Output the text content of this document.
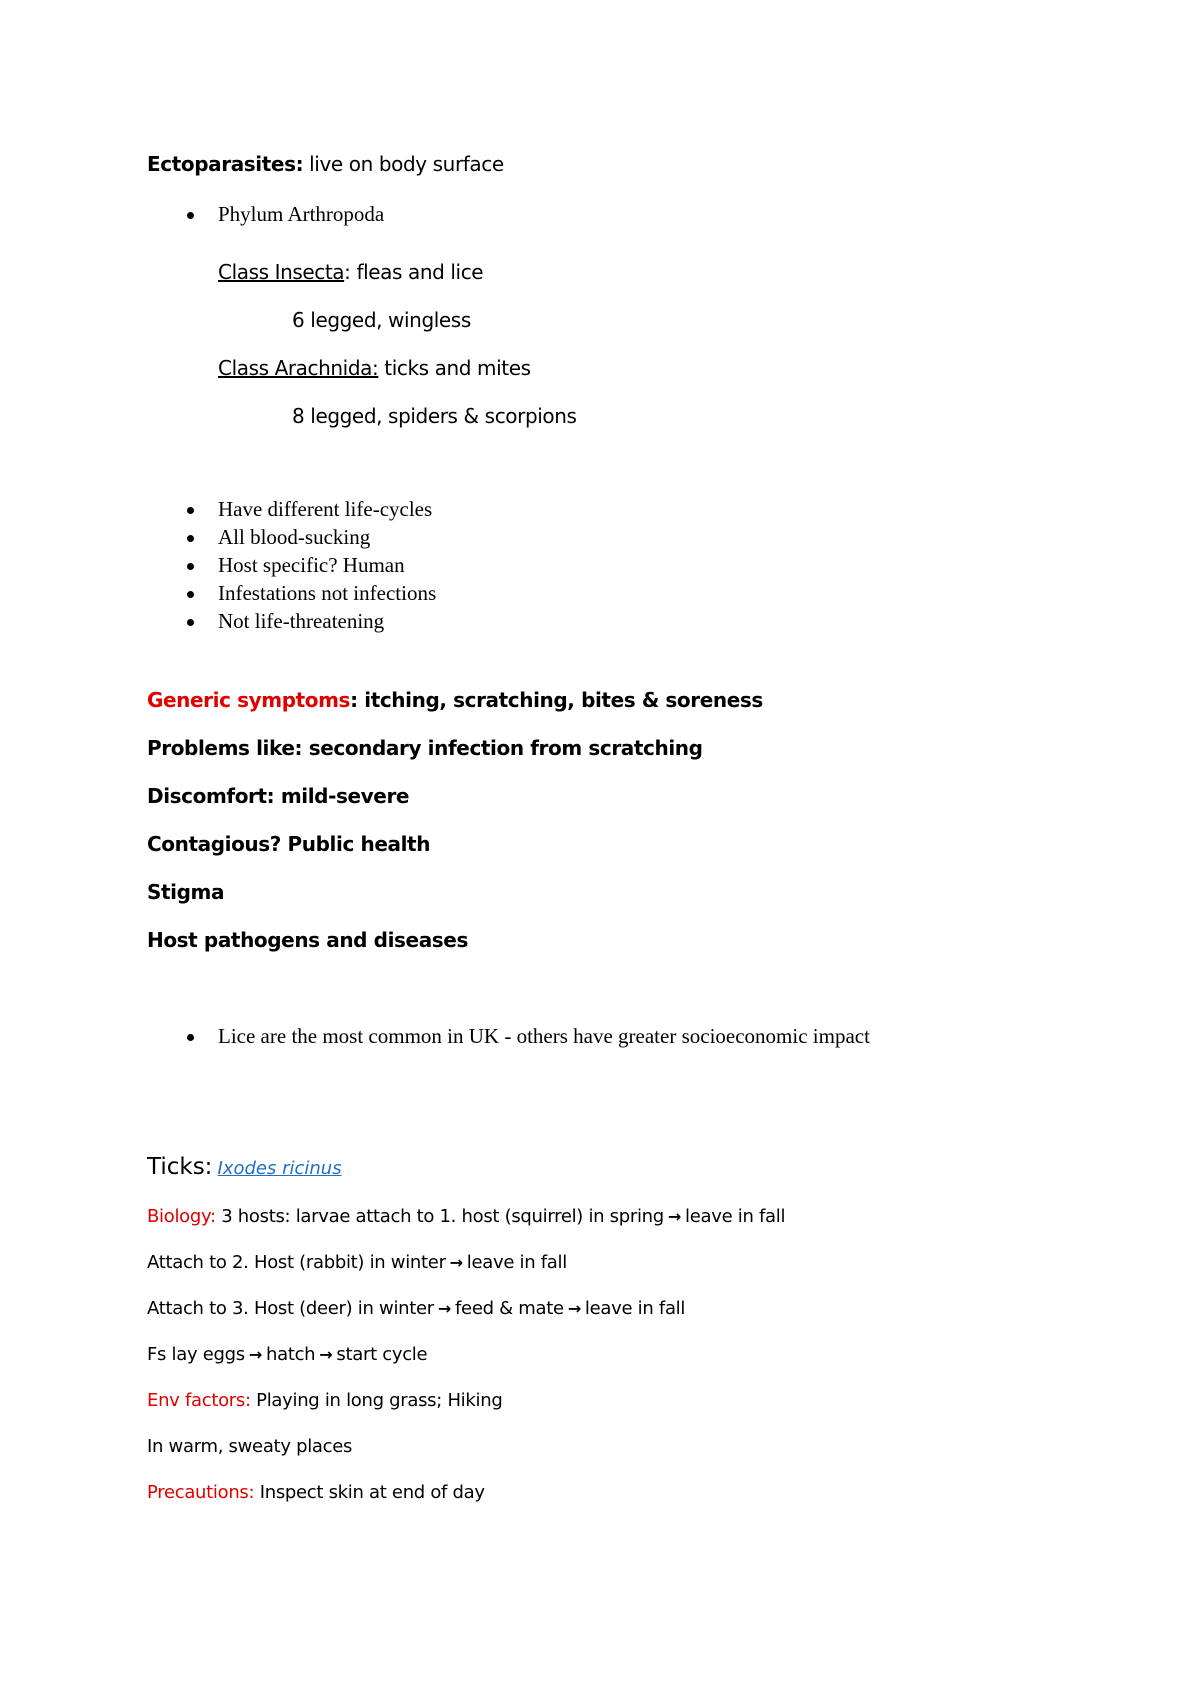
Ectoparasites: live on body surface
Phylum Arthropoda
Class Insecta: fleas and lice
6 legged, wingless
Class Arachnida: ticks and mites
8 legged, spiders & scorpions
Have different life-cycles
All blood-sucking
Host specific? Human
Infestations not infections
Not life-threatening
Generic symptoms: itching, scratching, bites & soreness
Problems like: secondary infection from scratching
Discomfort: mild-severe
Contagious? Public health
Stigma
Host pathogens and diseases
Lice are the most common in UK - others have greater socioeconomic impact
Ticks: Ixodes ricinus
Biology: 3 hosts: larvae attach to 1. host (squirrel) in spring → leave in fall
Attach to 2. Host (rabbit) in winter → leave in fall
Attach to 3. Host (deer) in winter → feed & mate → leave in fall
Fs lay eggs → hatch → start cycle
Env factors: Playing in long grass; Hiking
In warm, sweaty places
Precautions: Inspect skin at end of day
